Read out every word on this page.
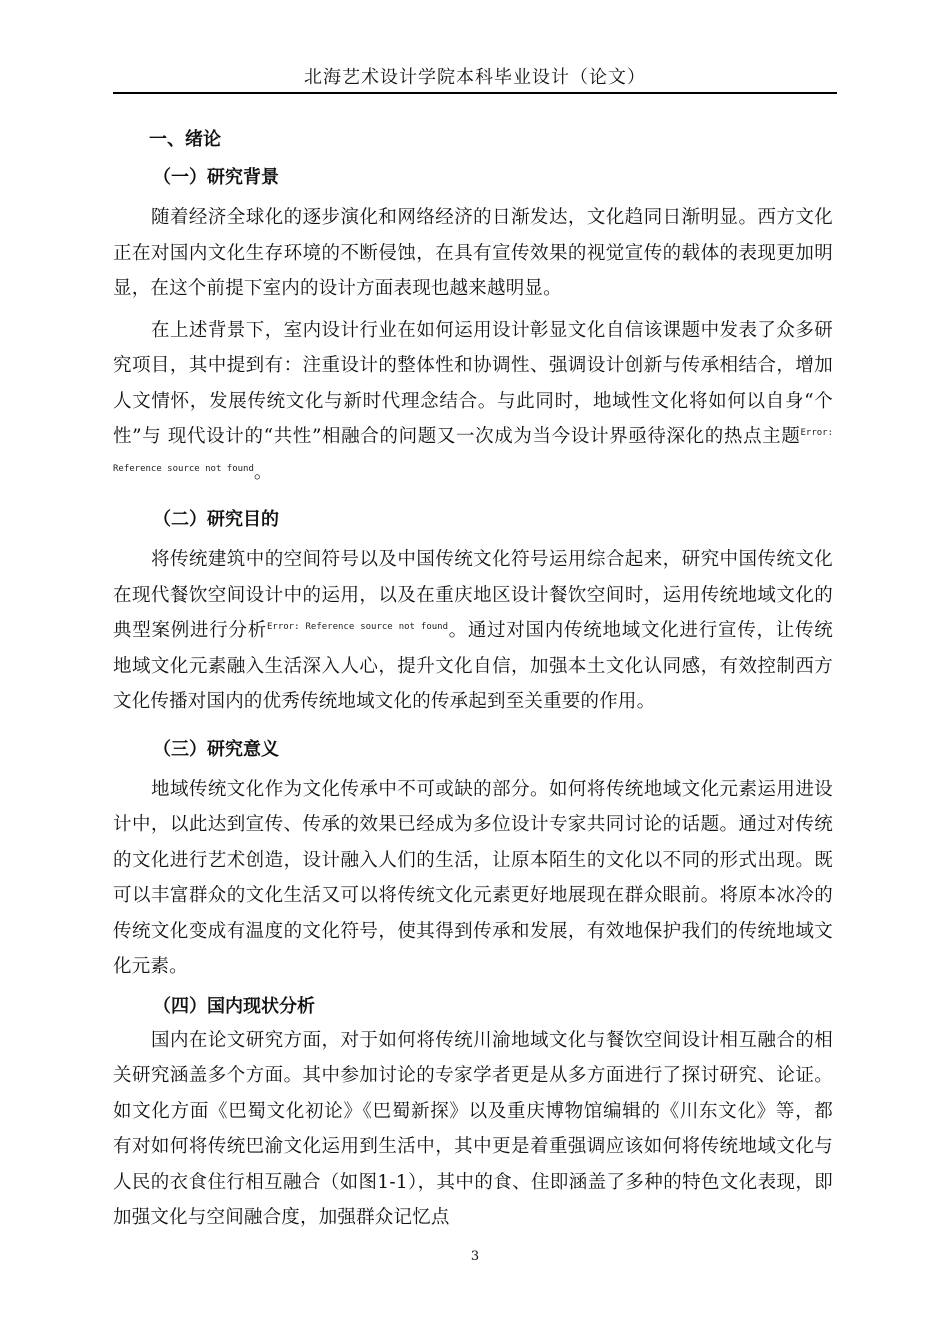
北海艺术设计学院本科毕业设计（论文）
一、绪论
（一）研究背景

随着经济全球化的逐步演化和网络经济的日渐发达，文化趋同日渐明显。西方文化正在对国内文化生存环境的不断侵蚀，在具有宣传效果的视觉宣传的载体的表现更加明显，在这个前提下室内的设计方面表现也越来越明显。

在上述背景下，室内设计行业在如何运用设计彰显文化自信该课题中发表了众多研究项目，其中提到有：注重设计的整体性和协调性、强调设计创新与传承相结合，增加人文情怀，发展传统文化与新时代理念结合。与此同时，地域性文化将如何以自身“个性”与 现代设计的“共性”相融合的问题又一次成为当今设计界亟待深化的热点主题$^{Error: Reference source not found}$。

（二）研究目的

将传统建筑中的空间符号以及中国传统文化符号运用综合起来，研究中国传统文化在现代餐饮空间设计中的运用，以及在重庆地区设计餐饮空间时，运用传统地域文化的典型案例进行分析$^{Error: Reference source not found}$。通过对国内传统地域文化进行宣传，让传统地域文化元素融入生活深入人心，提升文化自信，加强本土文化认同感，有效控制西方文化传播对国内的优秀传统地域文化的传承起到至关重要的作用。

（三）研究意义

地域传统文化作为文化传承中不可或缺的部分。如何将传统地域文化元素运用进设计中，以此达到宣传、传承的效果已经成为多位设计专家共同讨论的话题。通过对传统的文化进行艺术创造，设计融入人们的生活，让原本陌生的文化以不同的形式出现。既可以丰富群众的文化生活又可以将传统文化元素更好地展现在群众眼前。将原本冰冷的传统文化变成有温度的文化符号，使其得到传承和发展，有效地保护我们的传统地域文化元素。

（四）国内现状分析

国内在论文研究方面，对于如何将传统川渝地域文化与餐饮空间设计相互融合的相关研究涵盖多个方面。其中参加讨论的专家学者更是从多方面进行了探讨研究、论证。如文化方面《巴蜀文化初论》《巴蜀新探》以及重庆博物馆编辑的《川东文化》等，都有对如何将传统巴渝文化运用到生活中，其中更是着重强调应该如何将传统地域文化与人民的衣食住行相互融合（如图1-1），其中的食、住即涵盖了多种的特色文化表现，即加强文化与空间融合度，加强群众记忆点

3
